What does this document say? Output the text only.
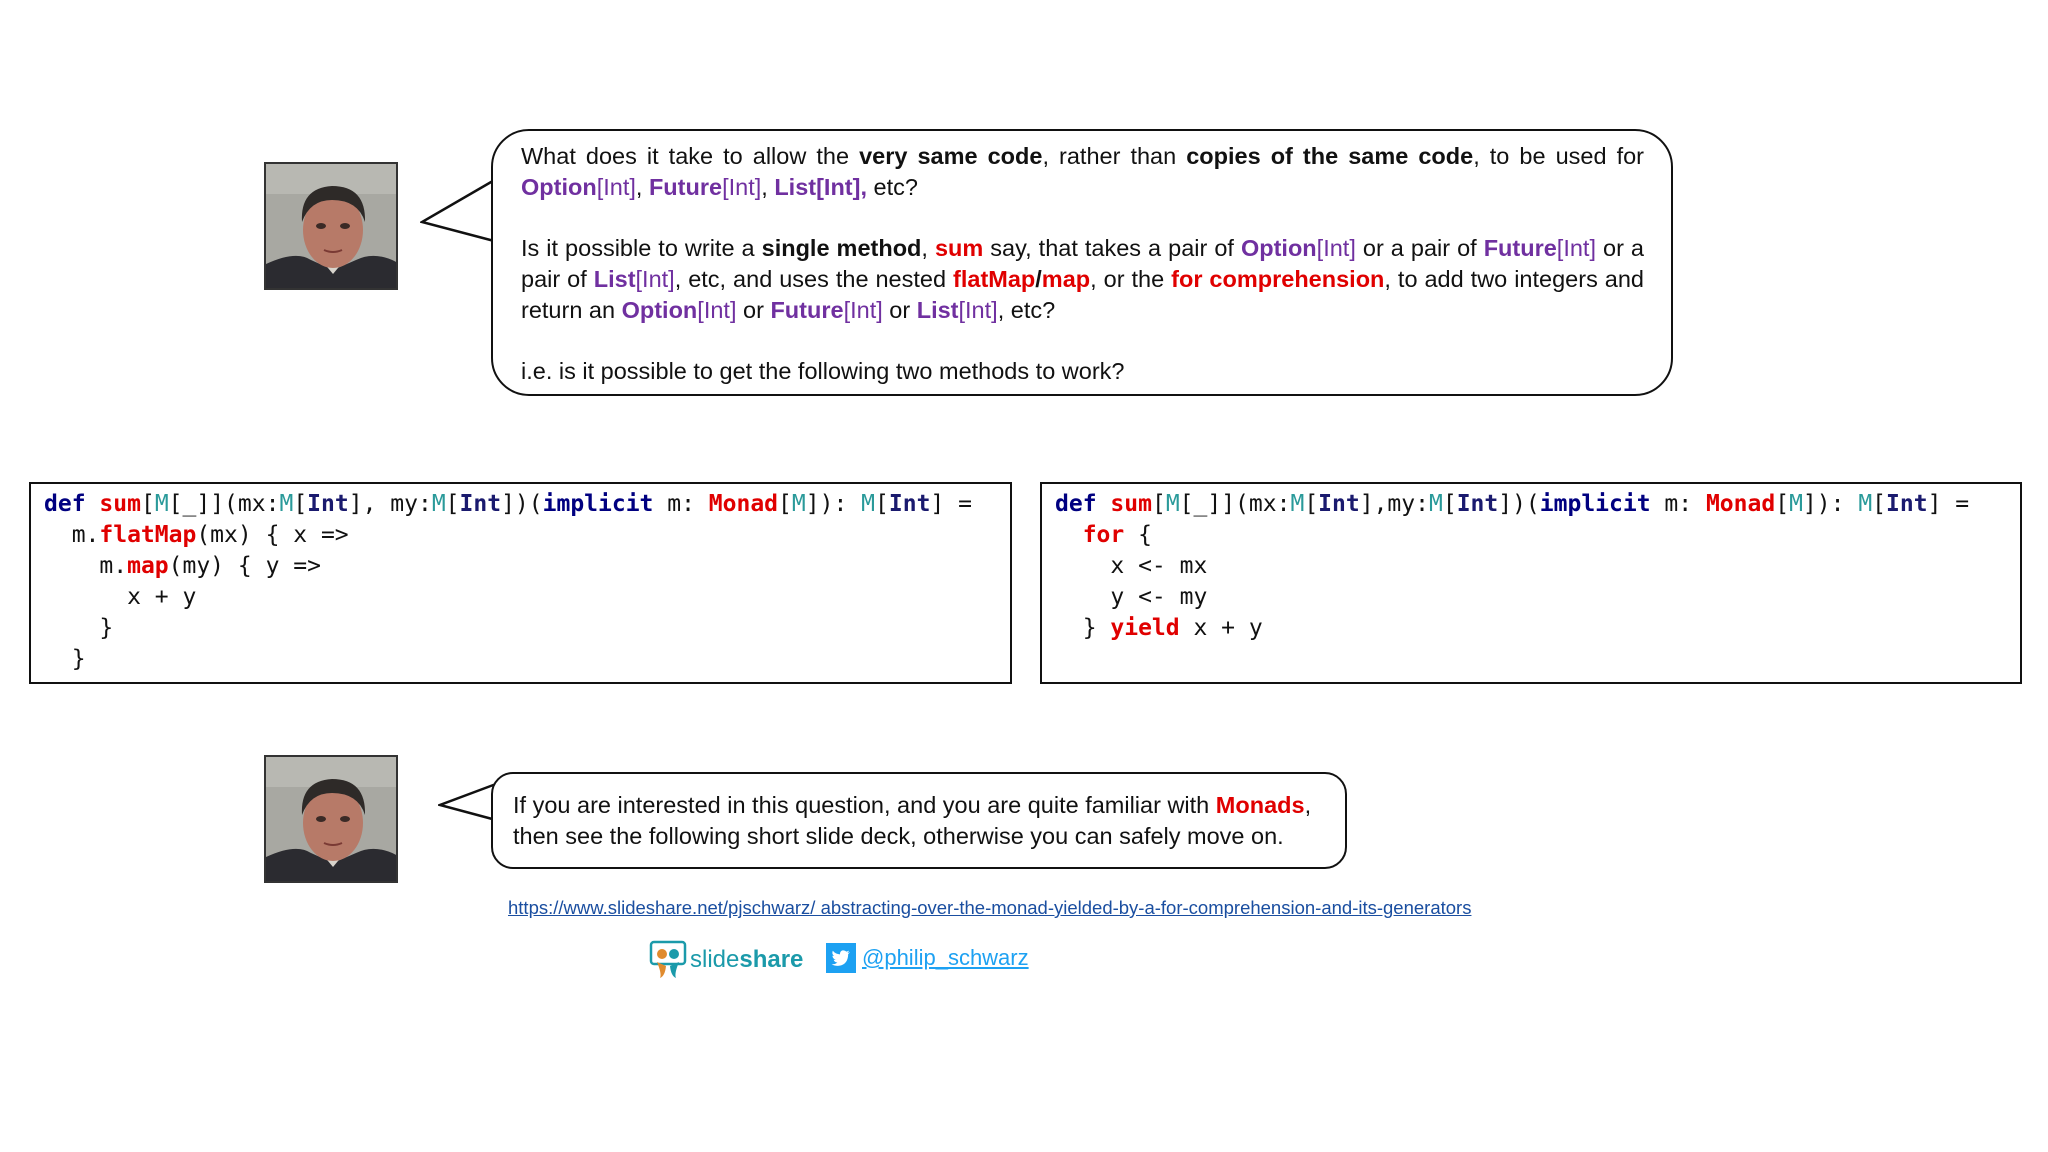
What does it take to allow the very same code, rather than copies of the same code, to be used for Option[Int], Future[Int], List[Int], etc?

Is it possible to write a single method, sum say, that takes a pair of Option[Int] or a pair of Future[Int] or a pair of List[Int], etc, and uses the nested flatMap/map, or the for comprehension, to add two integers and return an Option[Int] or Future[Int] or List[Int], etc?

i.e. is it possible to get the following two methods to work?

def sum[M[_]](mx:M[Int], my:M[Int])(implicit m: Monad[M]): M[Int] =
m.flatMap(mx) { x =>
m.map(my) { y =>
x + y
}
}
def sum[M[_]](mx:M[Int],my:M[Int])(implicit m: Monad[M]): M[Int] =
for {
x <- mx
y <- my
} yield x + y

If you are interested in this question, and you are quite familiar with Monads,

then see the following short slide deck, otherwise you can safely move on.

https://www.slideshare.net/pjschwarz/ abstracting-over-the-monad-yielded-by-a-for-comprehension-and-its-generators
slide share	@philip_schwarz
